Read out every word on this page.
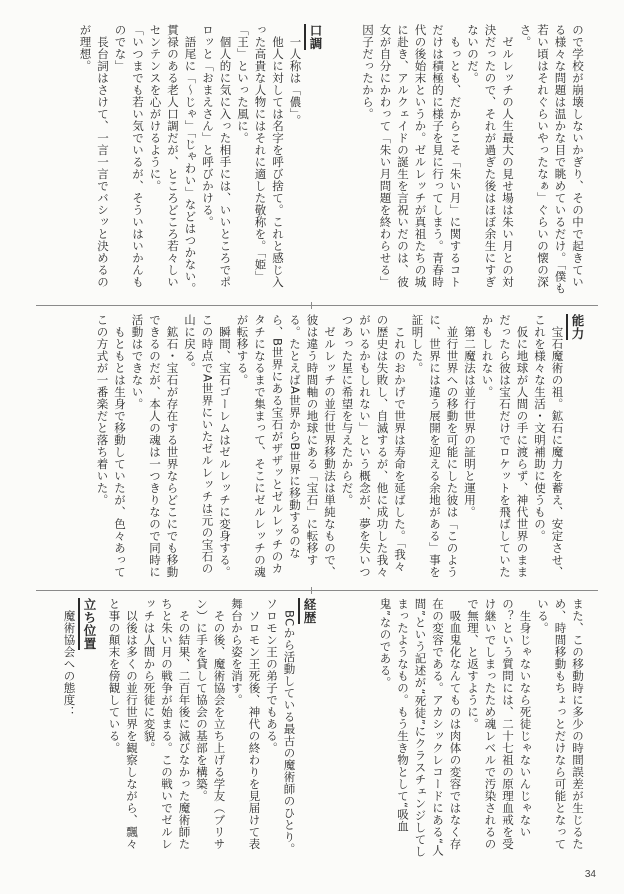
ので学校が崩壊しないかぎり、その中で起きている様々な問題は温かな目で眺めているだけ。「僕も若い頃はそれぐらいやったなぁ」ぐらいの懐の深さ。

ゼルレッチの人生最大の見せ場は朱い月との対決だったので、それが過ぎた後はほぼ余生にすぎないのだ。

もっとも、だからこそ「朱い月」に関するコトだけは積極的に様子を見に行ってしまう。青春時代の後始末というか。ゼルレッチが真祖たちの城に赴き、アルクェイドの誕生を言祝いだのは、彼女が自分にかわって「朱い月問題を終わらせる」因子だったから。

口調

一人称は「儂」。

他人に対しては名字を呼び捨て。これと感じ入った高貴な人物にはそれに適した敬称を。「姫」「王」といった風に。

個人的に気に入った相手には、いいところでポロッと「おまえさん」と呼びかける。

語尾に「～じゃ」「じゃわい」などはつかない。貫禄のある老人口調だが、ところどころ若々しいセンテンスを心がけるように。

「いつまでも若い気でいるが、そういはいかんものでな」

長台詞はさけて、一言一言でバシッと決めるのが理想。

能力

宝石魔術の祖。鉱石に魔力を蓄え、安定させ、これを様々な生活・文明補助に使うもの。

仮に地球が人間の手に渡らず、神代世界のままだったら彼は宝石だけでロケットを飛ばしていたかもしれない。

第二魔法は並行世界の証明と運用。

並行世界への移動を可能にした彼は「このように、世界には違う展開を迎える余地がある」事を証明した。

これのおかげで世界は寿命を延ばした。「我々の歴史は失敗し、自滅するが、他に成功した我々がいるかもしれない」という概念が、夢を失いつつあった星に希望を与えたからだ。

ゼルレッチの並行世界移動法は単純なもので、彼は違う時間軸の地球にある「宝石」に転移する。たとえばA世界からB世界に移動するのなら、B世界にある宝石がザザッとゼルレッチのカタチになるまで集まって、そこにゼルレッチの魂が転移する。

瞬間、宝石ゴーレムはゼルレッチに変身する。この時点でA世界にいたゼルレッチは元の宝石の山に戻る。

鉱石・宝石が存在する世界ならどこにでも移動できるのだが、本人の魂は一つきりなので同時に活動はできない。

もともとは生身で移動していたが、色々あってこの方式が一番楽だと落ち着いた。

また、この移動時に多少の時間誤差が生じるため、時間移動もちょっとだけなら可能となっている。

生身じゃないなら死徒じゃないんじゃないの？という質問には、二十七祖の原理血戒を受け継いでしまったため魂レベルで汚染されるので無理、と返すように。

吸血鬼化なんてものは肉体の変容ではなく存在の変容である。アカシックレコードにある“人間”という記述が“死徒”にクラスチェンジしてしまったようなもの。もう生き物として“吸血鬼”なのである。

経歴

BCから活動している最古の魔術師のひとり。ソロモン王の弟子でもある。

ソロモン王死後、神代の終わりを見届けて表舞台から姿を消す。

その後、魔術協会を立ち上げる学友（ブリサン）に手を貸して協会の基部を構築。

その結果、二百年後に滅びなかった魔術師たちと朱い月の戦争が始まる。この戦いでゼルレッチは人間から死徒に変貌。

以後は多くの並行世界を観察しながら、飄々と事の顛末を傍観している。

立ち位置

魔術協会への態度：

34
